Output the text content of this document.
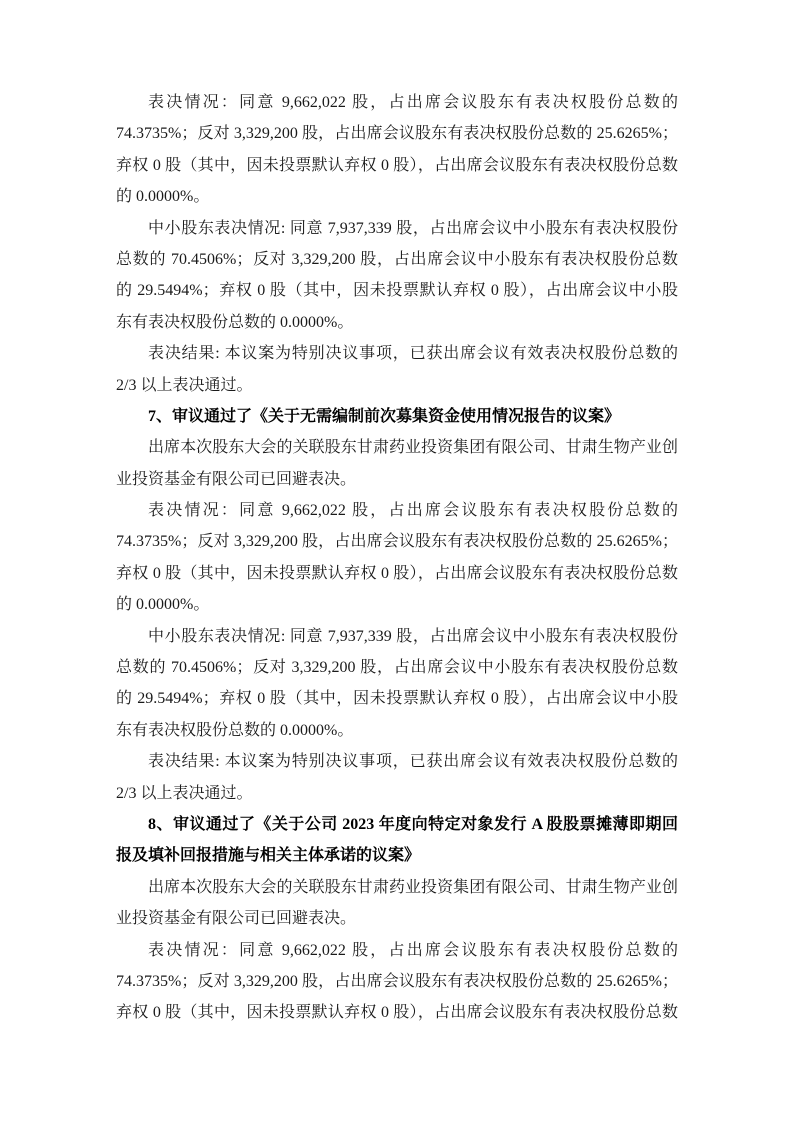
表决情况：同意 9,662,022 股，占出席会议股东有表决权股份总数的
74.3735%；反对 3,329,200 股，占出席会议股东有表决权股份总数的 25.6265%；
弃权 0 股（其中，因未投票默认弃权 0 股），占出席会议股东有表决权股份总数
的 0.0000%。
中小股东表决情况: 同意 7,937,339 股，占出席会议中小股东有表决权股份
总数的 70.4506%；反对 3,329,200 股，占出席会议中小股东有表决权股份总数
的 29.5494%；弃权 0 股（其中，因未投票默认弃权 0 股），占出席会议中小股
东有表决权股份总数的 0.0000%。
表决结果: 本议案为特别决议事项，已获出席会议有效表决权股份总数的
2/3 以上表决通过。
7、审议通过了《关于无需编制前次募集资金使用情况报告的议案》
出席本次股东大会的关联股东甘肃药业投资集团有限公司、甘肃生物产业创
业投资基金有限公司已回避表决。
表决情况：同意 9,662,022 股，占出席会议股东有表决权股份总数的
74.3735%；反对 3,329,200 股，占出席会议股东有表决权股份总数的 25.6265%；
弃权 0 股（其中，因未投票默认弃权 0 股），占出席会议股东有表决权股份总数
的 0.0000%。
中小股东表决情况: 同意 7,937,339 股，占出席会议中小股东有表决权股份
总数的 70.4506%；反对 3,329,200 股，占出席会议中小股东有表决权股份总数
的 29.5494%；弃权 0 股（其中，因未投票默认弃权 0 股），占出席会议中小股
东有表决权股份总数的 0.0000%。
表决结果: 本议案为特别决议事项，已获出席会议有效表决权股份总数的
2/3 以上表决通过。
8、审议通过了《关于公司 2023 年度向特定对象发行 A 股股票摊薄即期回
报及填补回报措施与相关主体承诺的议案》
出席本次股东大会的关联股东甘肃药业投资集团有限公司、甘肃生物产业创
业投资基金有限公司已回避表决。
表决情况：同意 9,662,022 股，占出席会议股东有表决权股份总数的
74.3735%；反对 3,329,200 股，占出席会议股东有表决权股份总数的 25.6265%；
弃权 0 股（其中，因未投票默认弃权 0 股），占出席会议股东有表决权股份总数
